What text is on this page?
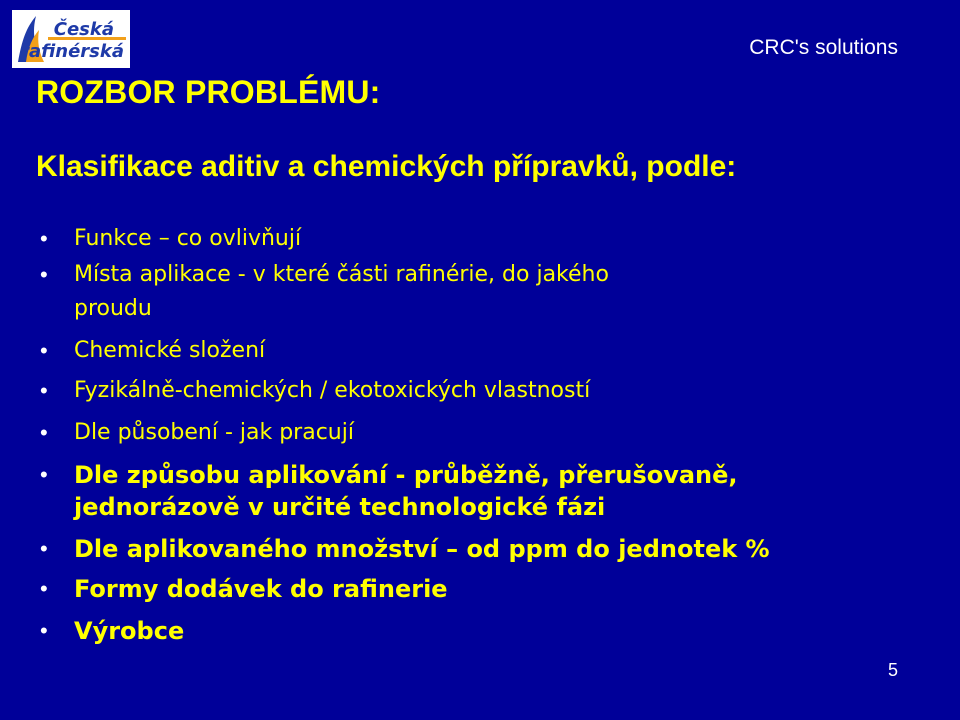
Česká
rafinérská	CRC's solutions
ROZBOR PROBLÉMU:
Klasifikace aditiv a chemických přípravků, podle:
• Funkce – co ovlivňují
• Místa aplikace - v které části rafinérie, do jakého
proudu
• Chemické složení
• Fyzikálně-chemických / ekotoxických vlastností
• Dle působení - jak pracují
• Dle způsobu aplikování - průběžně, přerušovaně,
jednorázově v určité technologické fázi
• Dle aplikovaného množství – od ppm do jednotek %
• Formy dodávek do rafinerie
• Výrobce
5
